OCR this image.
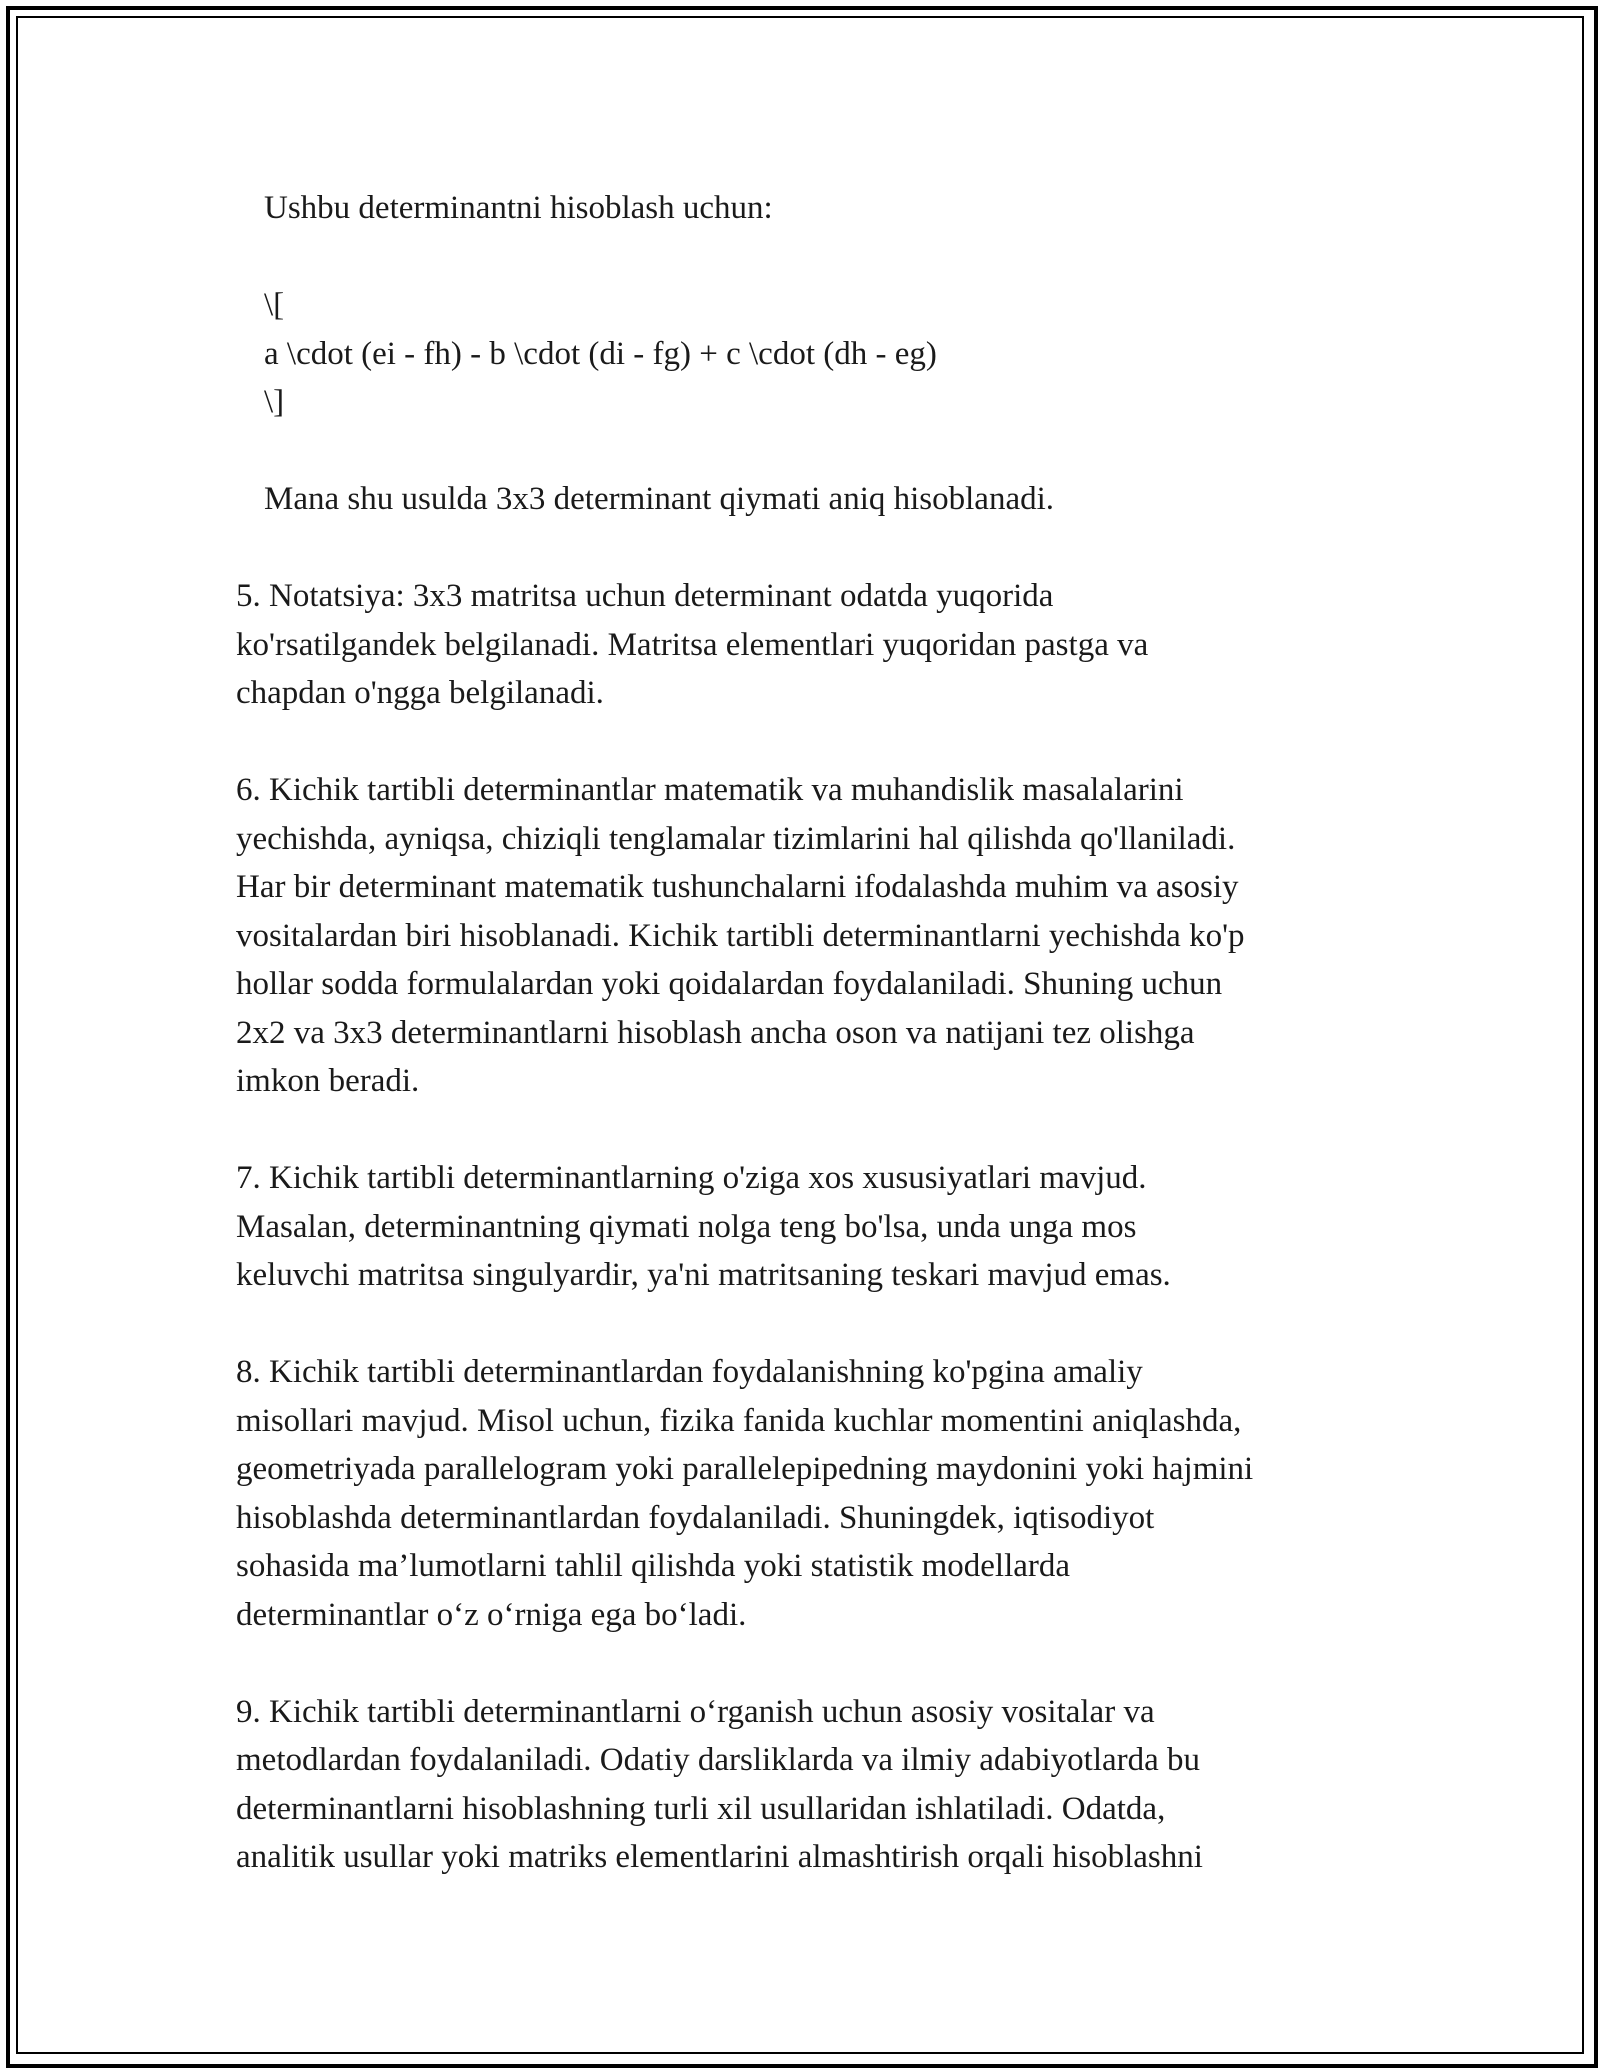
Ushbu determinantni hisoblash uchun:
\[
a \cdot (ei - fh) - b \cdot (di - fg) + c \cdot (dh - eg)
\]
Mana shu usulda 3x3 determinant qiymati aniq hisoblanadi.

5. Notatsiya: 3x3 matritsa uchun determinant odatda yuqorida
ko'rsatilgandek belgilanadi. Matritsa elementlari yuqoridan pastga va
chapdan o'ngga belgilanadi.

6. Kichik tartibli determinantlar matematik va muhandislik masalalarini
yechishda, ayniqsa, chiziqli tenglamalar tizimlarini hal qilishda qo'llaniladi.
Har bir determinant matematik tushunchalarni ifodalashda muhim va asosiy
vositalardan biri hisoblanadi. Kichik tartibli determinantlarni yechishda ko'p
hollar sodda formulalardan yoki qoidalardan foydalaniladi. Shuning uchun
2x2 va 3x3 determinantlarni hisoblash ancha oson va natijani tez olishga
imkon beradi.

7. Kichik tartibli determinantlarning o'ziga xos xususiyatlari mavjud.
Masalan, determinantning qiymati nolga teng bo'lsa, unda unga mos
keluvchi matritsa singulyardir, ya'ni matritsaning teskari mavjud emas.

8. Kichik tartibli determinantlardan foydalanishning ko'pgina amaliy
misollari mavjud. Misol uchun, fizika fanida kuchlar momentini aniqlashda,
geometriyada parallelogram yoki parallelepipedning maydonini yoki hajmini
hisoblashda determinantlardan foydalaniladi. Shuningdek, iqtisodiyot
sohasida ma’lumotlarni tahlil qilishda yoki statistik modellarda
determinantlar o‘z o‘rniga ega bo‘ladi.

9. Kichik tartibli determinantlarni o‘rganish uchun asosiy vositalar va
metodlardan foydalaniladi. Odatiy darsliklarda va ilmiy adabiyotlarda bu
determinantlarni hisoblashning turli xil usullaridan ishlatiladi. Odatda,
analitik usullar yoki matriks elementlarini almashtirish orqali hisoblashni
